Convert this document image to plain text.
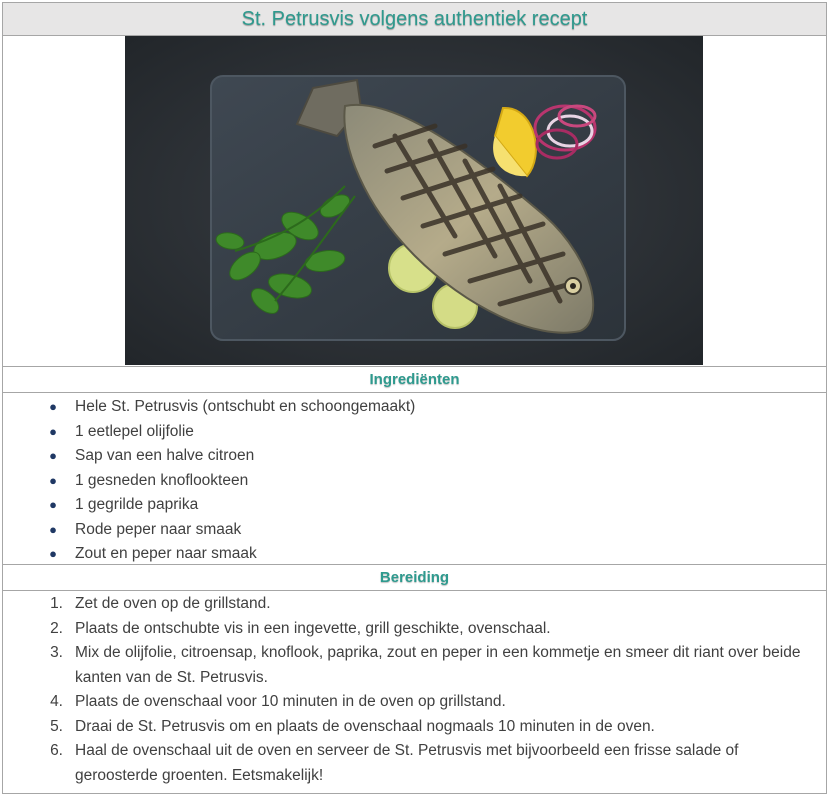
St. Petrusvis volgens authentiek recept
Ingrediënten
●	Hele St. Petrusvis (ontschubt en schoongemaakt)
●	1 eetlepel olijfolie
●	Sap van een halve citroen
●	1 gesneden knoflookteen
●	1 gegrilde paprika
●	Rode peper naar smaak
●	Zout en peper naar smaak
Bereiding
1. Zet de oven op de grillstand.
2. Plaats de ontschubte vis in een ingevette, grill geschikte, ovenschaal.
3. Mix de olijfolie, citroensap, knoflook, paprika, zout en peper in een kommetje en smeer dit riant over beide kanten van de St. Petrusvis.
4. Plaats de ovenschaal voor 10 minuten in de oven op grillstand.
5. Draai de St. Petrusvis om en plaats de ovenschaal nogmaals 10 minuten in de oven.
6. Haal de ovenschaal uit de oven en serveer de St. Petrusvis met bijvoorbeeld een frisse salade of geroosterde groenten. Eetsmakelijk!
